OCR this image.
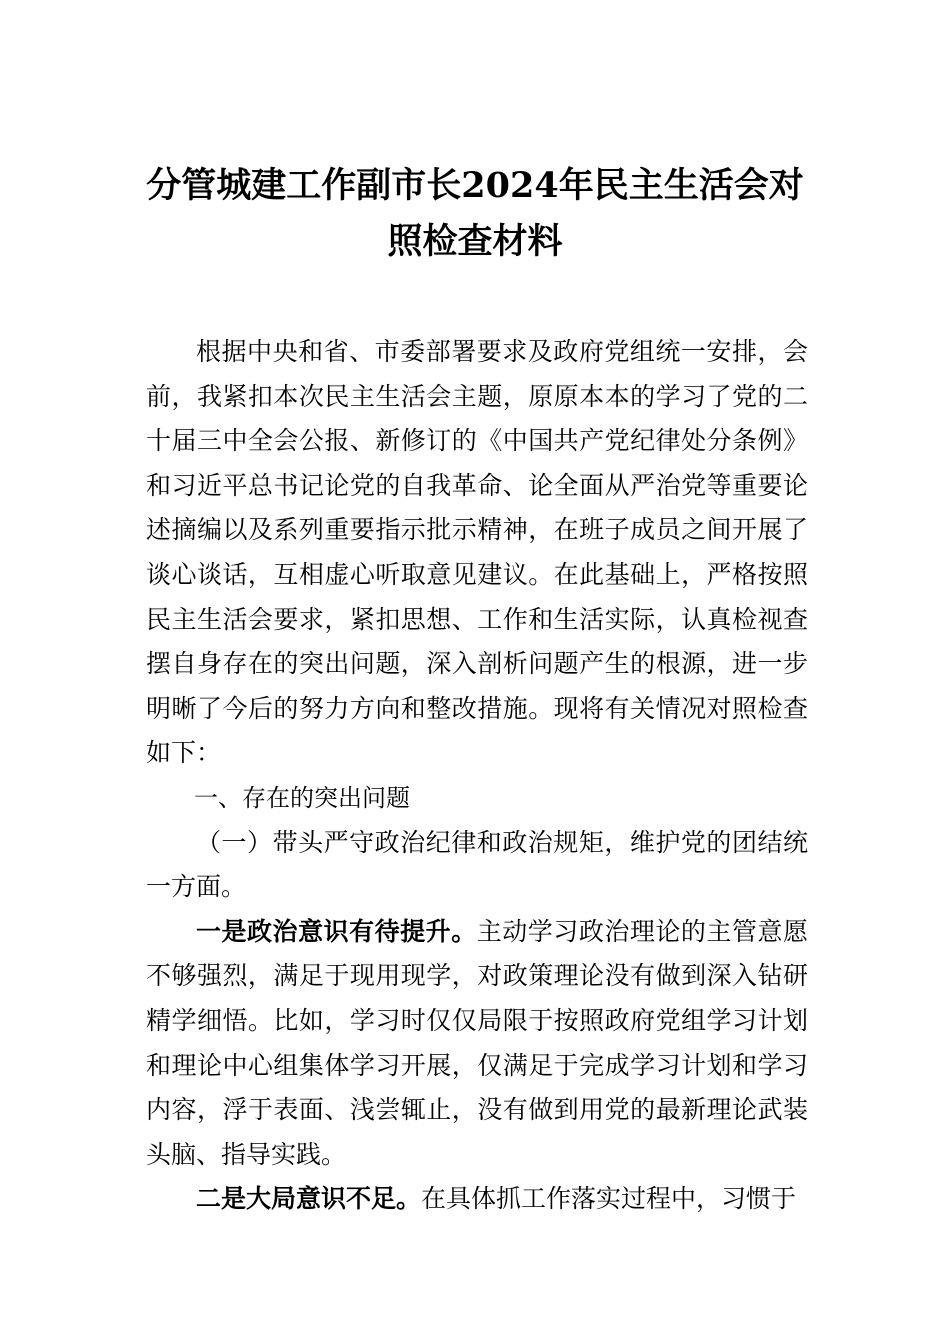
分管城建工作副市长2024年民主生活会对
照检查材料

根据中央和省、市委部署要求及政府党组统一安排，会前，我紧扣本次民主生活会主题，原原本本的学习了党的二十届三中全会公报、新修订的《中国共产党纪律处分条例》和习近平总书记论党的自我革命、论全面从严治党等重要论述摘编以及系列重要指示批示精神，在班子成员之间开展了谈心谈话，互相虚心听取意见建议。在此基础上，严格按照民主生活会要求，紧扣思想、工作和生活实际，认真检视查摆自身存在的突出问题，深入剖析问题产生的根源，进一步明晰了今后的努力方向和整改措施。现将有关情况对照检查如下：

一、存在的突出问题

（一）带头严守政治纪律和政治规矩，维护党的团结统一方面。

一是政治意识有待提升。主动学习政治理论的主管意愿不够强烈，满足于现用现学，对政策理论没有做到深入钻研精学细悟。比如，学习时仅仅局限于按照政府党组学习计划和理论中心组集体学习开展，仅满足于完成学习计划和学习内容，浮于表面、浅尝辄止，没有做到用党的最新理论武装头脑、指导实践。

二是大局意识不足。在具体抓工作落实过程中，习惯于
